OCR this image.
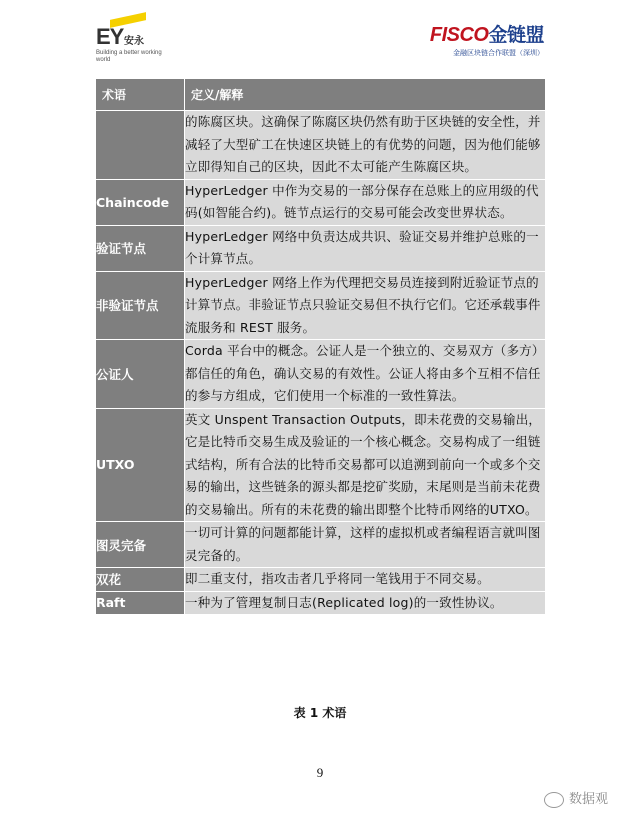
EY 安永
Building a better working world
FISCO金链盟
金融区块链合作联盟（深圳）
术语	定义/解释
	的陈腐区块。这确保了陈腐区块仍然有助于区块链的安全性，并减轻了大型矿工在快速区块链上的有优势的问题，因为他们能够立即得知自己的区块，因此不太可能产生陈腐区块。
Chaincode	HyperLedger 中作为交易的一部分保存在总账上的应用级的代码(如智能合约)。链节点运行的交易可能会改变世界状态。
验证节点	HyperLedger 网络中负责达成共识、验证交易并维护总账的一个计算节点。
非验证节点	HyperLedger 网络上作为代理把交易员连接到附近验证节点的计算节点。非验证节点只验证交易但不执行它们。它还承载事件流服务和 REST 服务。
公证人	Corda 平台中的概念。公证人是一个独立的、交易双方（多方）都信任的角色，确认交易的有效性。公证人将由多个互相不信任的参与方组成，它们使用一个标准的一致性算法。
UTXO	英文 Unspent Transaction Outputs，即未花费的交易输出，它是比特币交易生成及验证的一个核心概念。交易构成了一组链式结构，所有合法的比特币交易都可以追溯到前向一个或多个交易的输出，这些链条的源头都是挖矿奖励，末尾则是当前未花费的交易输出。所有的未花费的输出即整个比特币网络的UTXO。
图灵完备	一切可计算的问题都能计算，这样的虚拟机或者编程语言就叫图灵完备的。
双花	即二重支付，指攻击者几乎将同一笔钱用于不同交易。
Raft	一种为了管理复制日志(Replicated log)的一致性协议。
表 1 术语
9
数据观
